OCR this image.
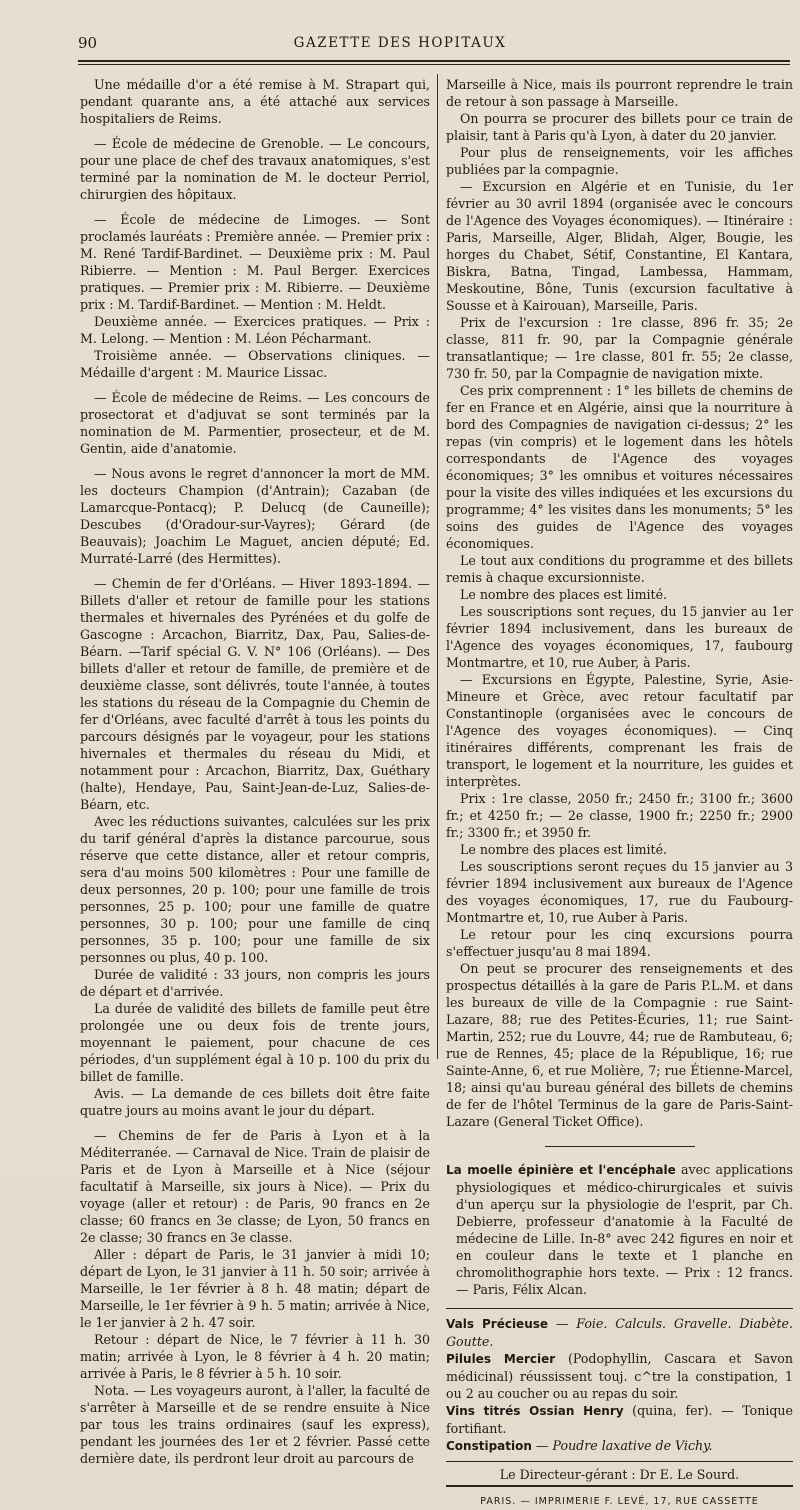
90	GAZETTE DES HOPITAUX

Une médaille d'or a été remise à M. Strapart qui, pendant quarante ans, a été attaché aux services hospitaliers de Reims.

— École de médecine de Grenoble. — Le concours, pour une place de chef des travaux anatomiques, s'est terminé par la nomination de M. le docteur Perriol, chirurgien des hôpitaux.

— École de médecine de Limoges. — Sont proclamés lauréats : Première année. — Premier prix : M. René Tardif-Bardinet. — Deuxième prix : M. Paul Ribierre. — Mention : M. Paul Berger. Exercices pratiques. — Premier prix : M. Ribierre. — Deuxième prix : M. Tardif-Bardinet. — Mention : M. Heldt.

Deuxième année. — Exercices pratiques. — Prix : M. Lelong. — Mention : M. Léon Pécharmant.

Troisième année. — Observations cliniques. — Médaille d'argent : M. Maurice Lissac.

— École de médecine de Reims. — Les concours de prosectorat et d'adjuvat se sont terminés par la nomination de M. Parmentier, prosecteur, et de M. Gentin, aide d'anatomie.

— Nous avons le regret d'annoncer la mort de MM. les docteurs Champion (d'Antrain); Cazaban (de Lamarcque-Pontacq); P. Delucq (de Cauneille); Descubes (d'Oradour-sur-Vayres); Gérard (de Beauvais); Joachim Le Maguet, ancien député; Ed. Murraté-Larré (des Hermittes).

— Chemin de fer d'Orléans. — Hiver 1893-1894. — Billets d'aller et retour de famille pour les stations thermales et hivernales des Pyrénées et du golfe de Gascogne : Arcachon, Biarritz, Dax, Pau, Salies-de-Béarn. —Tarif spécial G. V. N° 106 (Orléans). — Des billets d'aller et retour de famille, de première et de deuxième classe, sont délivrés, toute l'année, à toutes les stations du réseau de la Compagnie du Chemin de fer d'Orléans, avec faculté d'arrêt à tous les points du parcours désignés par le voyageur, pour les stations hivernales et thermales du réseau du Midi, et notamment pour : Arcachon, Biarritz, Dax, Guéthary (halte), Hendaye, Pau, Saint-Jean-de-Luz, Salies-de-Béarn, etc.

Avec les réductions suivantes, calculées sur les prix du tarif général d'après la distance parcourue, sous réserve que cette distance, aller et retour compris, sera d'au moins 500 kilomètres : Pour une famille de deux personnes, 20 p. 100; pour une famille de trois personnes, 25 p. 100; pour une famille de quatre personnes, 30 p. 100; pour une famille de cinq personnes, 35 p. 100; pour une famille de six personnes ou plus, 40 p. 100.

Durée de validité : 33 jours, non compris les jours de départ et d'arrivée.

La durée de validité des billets de famille peut être prolongée une ou deux fois de trente jours, moyennant le paiement, pour chacune de ces périodes, d'un supplément égal à 10 p. 100 du prix du billet de famille.

Avis. — La demande de ces billets doit être faite quatre jours au moins avant le jour du départ.

— Chemins de fer de Paris à Lyon et à la Méditerranée. — Carnaval de Nice. Train de plaisir de Paris et de Lyon à Marseille et à Nice (séjour facultatif à Marseille, six jours à Nice). — Prix du voyage (aller et retour) : de Paris, 90 francs en 2e classe; 60 francs en 3e classe; de Lyon, 50 francs en 2e classe; 30 francs en 3e classe.

Aller : départ de Paris, le 31 janvier à midi 10; départ de Lyon, le 31 janvier à 11 h. 50 soir; arrivée à Marseille, le 1er février à 8 h. 48 matin; départ de Marseille, le 1er février à 9 h. 5 matin; arrivée à Nice, le 1er janvier à 2 h. 47 soir.

Retour : départ de Nice, le 7 février à 11 h. 30 matin; arrivée à Lyon, le 8 février à 4 h. 20 matin; arrivée à Paris, le 8 février à 5 h. 10 soir.

Nota. — Les voyageurs auront, à l'aller, la faculté de s'arrêter à Marseille et de se rendre ensuite à Nice par tous les trains ordinaires (sauf les express), pendant les journées des 1er et 2 février. Passé cette dernière date, ils perdront leur droit au parcours de

Marseille à Nice, mais ils pourront reprendre le train de retour à son passage à Marseille.

On pourra se procurer des billets pour ce train de plaisir, tant à Paris qu'à Lyon, à dater du 20 janvier.

Pour plus de renseignements, voir les affiches publiées par la compagnie.

— Excursion en Algérie et en Tunisie, du 1er février au 30 avril 1894 (organisée avec le concours de l'Agence des Voyages économiques). — Itinéraire : Paris, Marseille, Alger, Blidah, Alger, Bougie, les horges du Chabet, Sétif, Constantine, El Kantara, Biskra, Batna, Tingad, Lambessa, Hammam, Meskoutine, Bône, Tunis (excursion facultative à Sousse et à Kairouan), Marseille, Paris.

Prix de l'excursion : 1re classe, 896 fr. 35; 2e classe, 811 fr. 90, par la Compagnie générale transatlantique; — 1re classe, 801 fr. 55; 2e classe, 730 fr. 50, par la Compagnie de navigation mixte.

Ces prix comprennent : 1° les billets de chemins de fer en France et en Algérie, ainsi que la nourriture à bord des Compagnies de navigation ci-dessus; 2° les repas (vin compris) et le logement dans les hôtels correspondants de l'Agence des voyages économiques; 3° les omnibus et voitures nécessaires pour la visite des villes indiquées et les excursions du programme; 4° les visites dans les monuments; 5° les soins des guides de l'Agence des voyages économiques.

Le tout aux conditions du programme et des billets remis à chaque excursionniste.

Le nombre des places est limité.

Les souscriptions sont reçues, du 15 janvier au 1er février 1894 inclusivement, dans les bureaux de l'Agence des voyages économiques, 17, faubourg Montmartre, et 10, rue Auber, à Paris.

— Excursions en Égypte, Palestine, Syrie, Asie-Mineure et Grèce, avec retour facultatif par Constantinople (organisées avec le concours de l'Agence des voyages économiques). — Cinq itinéraires différents, comprenant les frais de transport, le logement et la nourriture, les guides et interprètes.

Prix : 1re classe, 2050 fr.; 2450 fr.; 3100 fr.; 3600 fr.; et 4250 fr.; — 2e classe, 1900 fr.; 2250 fr.; 2900 fr.; 3300 fr.; et 3950 fr.

Le nombre des places est limité.

Les souscriptions seront reçues du 15 janvier au 3 février 1894 inclusivement aux bureaux de l'Agence des voyages économiques, 17, rue du Faubourg-Montmartre et, 10, rue Auber à Paris.

Le retour pour les cinq excursions pourra s'effectuer jusqu'au 8 mai 1894.

On peut se procurer des renseignements et des prospectus détaillés à la gare de Paris P.L.M. et dans les bureaux de ville de la Compagnie : rue Saint-Lazare, 88; rue des Petites-Écuries, 11; rue Saint-Martin, 252; rue du Louvre, 44; rue de Rambuteau, 6; rue de Rennes, 45; place de la République, 16; rue Sainte-Anne, 6, et rue Molière, 7; rue Étienne-Marcel, 18; ainsi qu'au bureau général des billets de chemins de fer de l'hôtel Terminus de la gare de Paris-Saint-Lazare (General Ticket Office).

La moelle épinière et l'encéphale avec applications physiologiques et médico-chirurgicales et suivis d'un aperçu sur la physiologie de l'esprit, par Ch. Debierre, professeur d'anatomie à la Faculté de médecine de Lille. In-8° avec 242 figures en noir et en couleur dans le texte et 1 planche en chromolithographie hors texte. — Prix : 12 francs. — Paris, Félix Alcan.

Vals Précieuse — Foie. Calculs. Gravelle. Diabète. Goutte.

Pilules Mercier (Podophyllin, Cascara et Savon médicinal) réussissent touj. c^tre la constipation, 1 ou 2 au coucher ou au repas du soir.

Vins titrés Ossian Henry (quina, fer). — Tonique fortifiant.

Constipation — Poudre laxative de Vichy.

Le Directeur-gérant : Dr E. Le Sourd.

PARIS. — IMPRIMERIE F. LEVÉ, 17, RUE CASSETTE
